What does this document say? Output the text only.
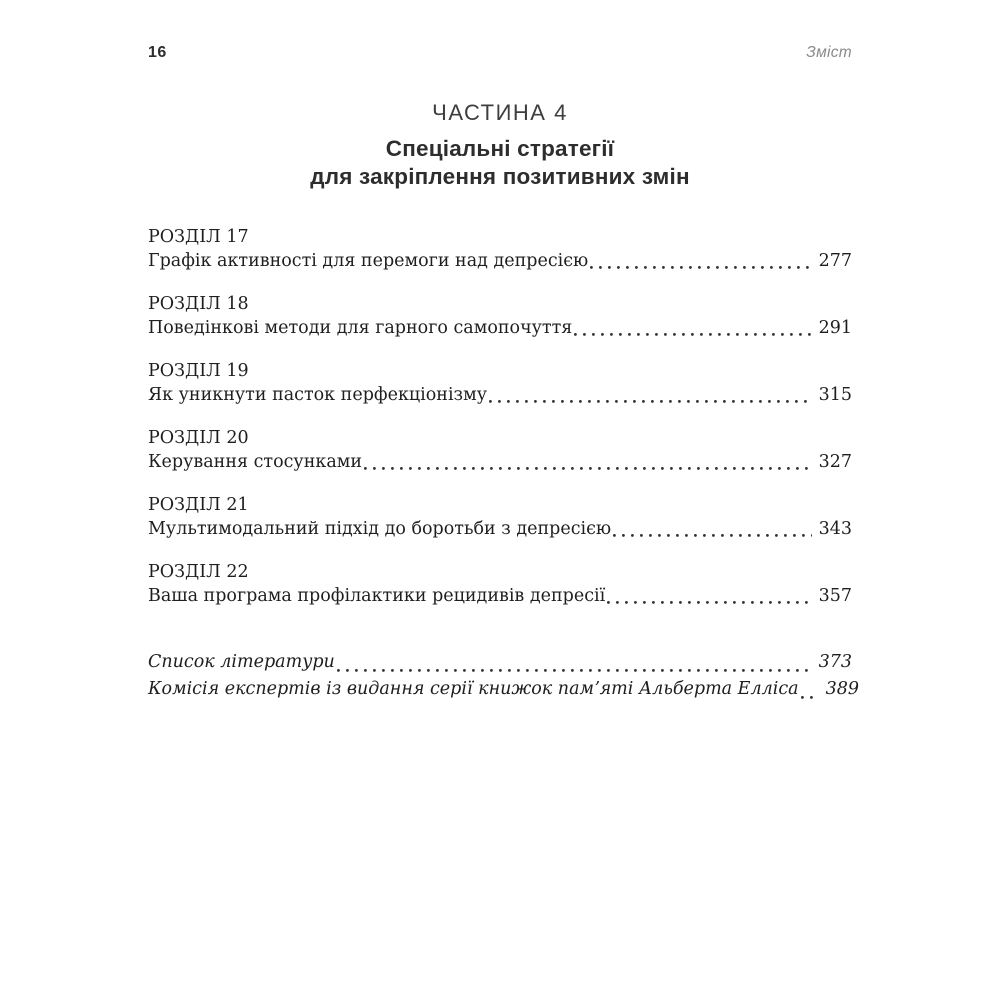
16	Зміст
ЧАСТИНА 4
Спеціальні стратегії
для закріплення позитивних змін
РОЗДІЛ 17
Графік активності для перемоги над депресією	277
РОЗДІЛ 18
Поведінкові методи для гарного самопочуття	291
РОЗДІЛ 19
Як уникнути пасток перфекціонізму	315
РОЗДІЛ 20
Керування стосунками	327
РОЗДІЛ 21
Мультимодальний підхід до боротьби з депресією	343
РОЗДІЛ 22
Ваша програма профілактики рецидивів депресії	357
Список літератури	373
Комісія експертів із видання серії книжок памʼяті Альберта Елліса 389
